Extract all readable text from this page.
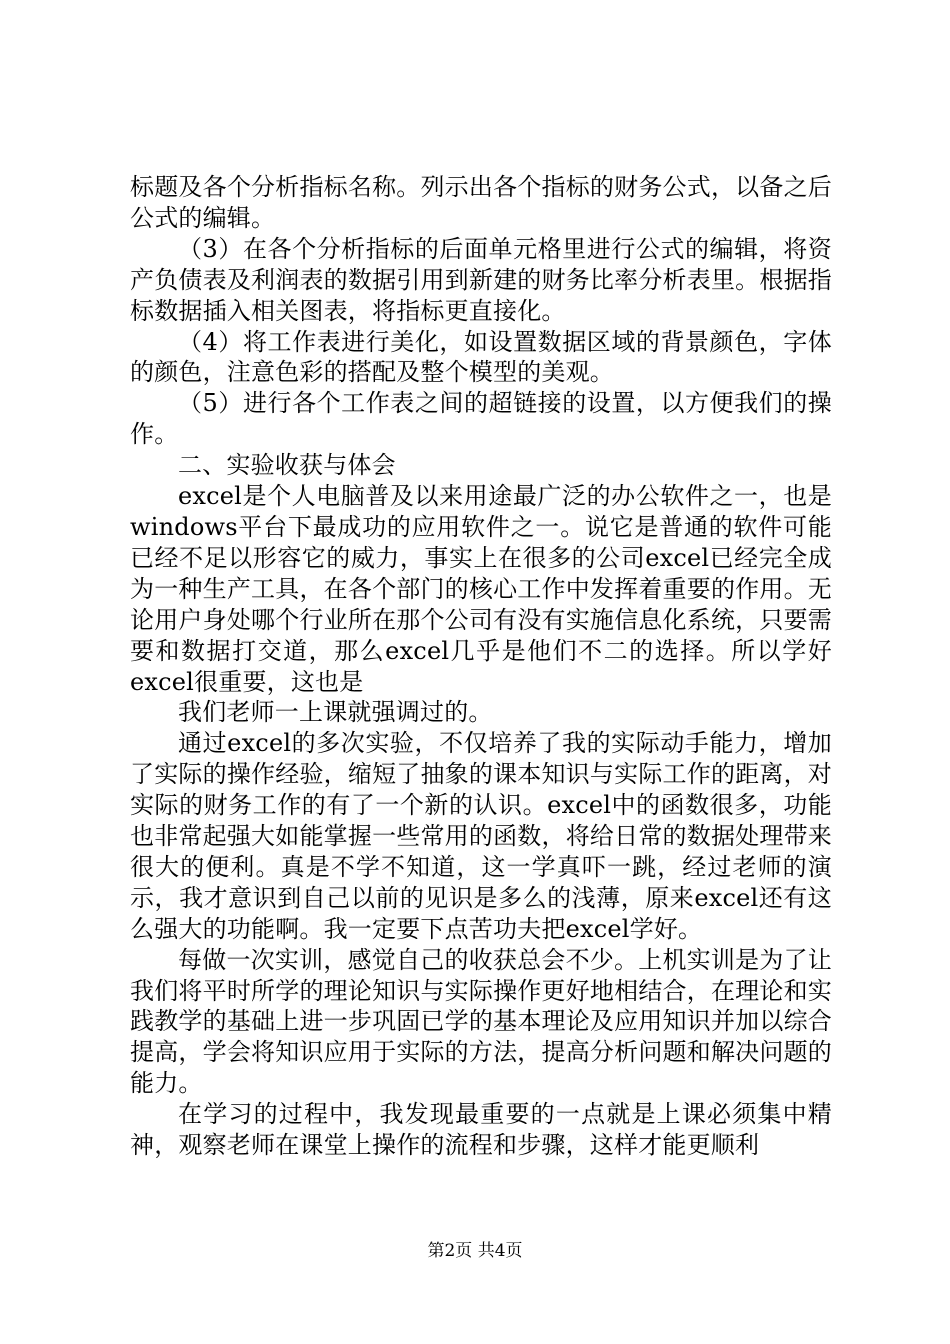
标题及各个分析指标名称。列示出各个指标的财务公式，以备之后公式的编辑。

（3）在各个分析指标的后面单元格里进行公式的编辑，将资产负债表及利润表的数据引用到新建的财务比率分析表里。根据指标数据插入相关图表，将指标更直接化。

（4）将工作表进行美化，如设置数据区域的背景颜色，字体的颜色，注意色彩的搭配及整个模型的美观。

（5）进行各个工作表之间的超链接的设置，以方便我们的操作。

二、实验收获与体会

excel是个人电脑普及以来用途最广泛的办公软件之一，也是windows平台下最成功的应用软件之一。说它是普通的软件可能已经不足以形容它的威力，事实上在很多的公司excel已经完全成为一种生产工具，在各个部门的核心工作中发挥着重要的作用。无论用户身处哪个行业所在那个公司有没有实施信息化系统，只要需要和数据打交道，那么excel几乎是他们不二的选择。所以学好excel很重要，这也是

我们老师一上课就强调过的。

通过excel的多次实验，不仅培养了我的实际动手能力，增加了实际的操作经验，缩短了抽象的课本知识与实际工作的距离，对实际的财务工作的有了一个新的认识。excel中的函数很多，功能也非常起强大如能掌握一些常用的函数，将给日常的数据处理带来很大的便利。真是不学不知道，这一学真吓一跳，经过老师的演示，我才意识到自己以前的见识是多么的浅薄，原来excel还有这么强大的功能啊。我一定要下点苦功夫把excel学好。

每做一次实训，感觉自己的收获总会不少。上机实训是为了让我们将平时所学的理论知识与实际操作更好地相结合，在理论和实践教学的基础上进一步巩固已学的基本理论及应用知识并加以综合提高，学会将知识应用于实际的方法，提高分析问题和解决问题的能力。

在学习的过程中，我发现最重要的一点就是上课必须集中精神，观察老师在课堂上操作的流程和步骤，这样才能更顺利

第2页 共4页
